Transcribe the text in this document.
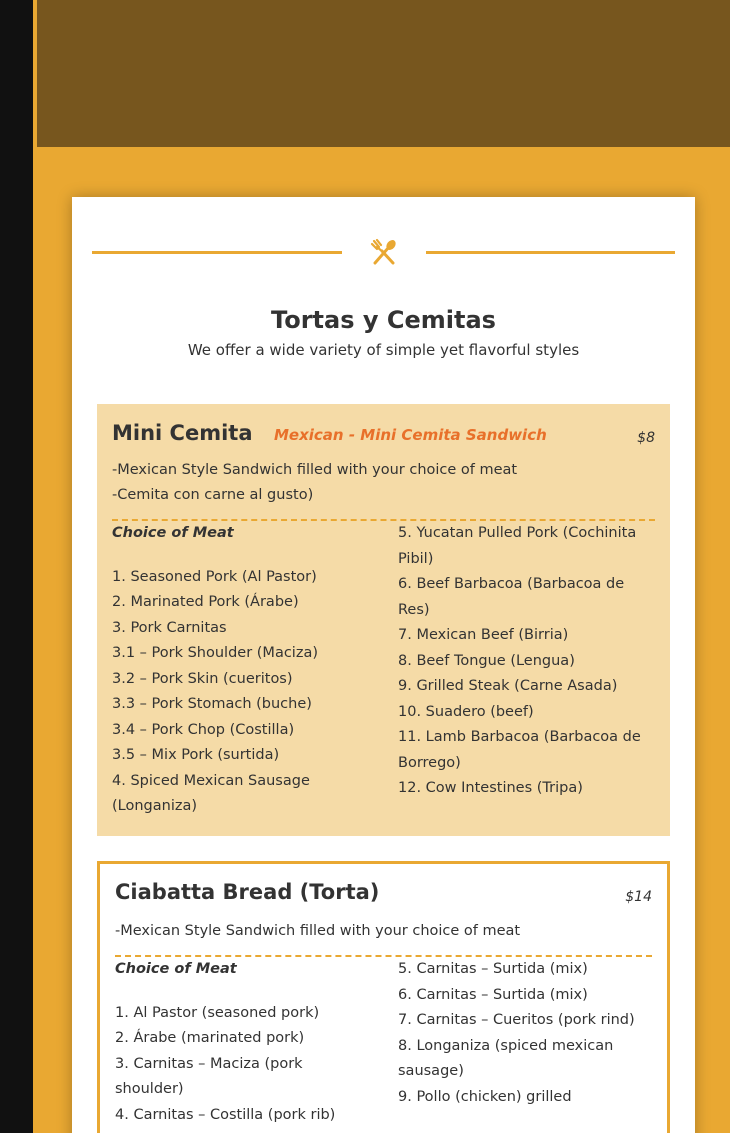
Tortas y Cemitas

We offer a wide variety of simple yet flavorful styles

Mini Cemita Mexican - Mini Cemita Sandwich	$8
-Mexican Style Sandwich filled with your choice of meat
-Cemita con carne al gusto)
Choice of Meat
1. Seasoned Pork (Al Pastor)
2. Marinated Pork (Árabe)
3. Pork Carnitas
3.1 – Pork Shoulder (Maciza)
3.2 – Pork Skin (cueritos)
3.3 – Pork Stomach (buche)
3.4 – Pork Chop (Costilla)
3.5 – Mix Pork (surtida)
4. Spiced Mexican Sausage (Longaniza)
5. Yucatan Pulled Pork (Cochinita Pibil)
6. Beef Barbacoa (Barbacoa de Res)
7. Mexican Beef (Birria)
8. Beef Tongue (Lengua)
9. Grilled Steak (Carne Asada)
10. Suadero (beef)
11. Lamb Barbacoa (Barbacoa de Borrego)
12. Cow Intestines (Tripa)
Ciabatta Bread (Torta)	$14
-Mexican Style Sandwich filled with your choice of meat
Choice of Meat
1. Al Pastor (seasoned pork)
2. Árabe (marinated pork)
3. Carnitas – Maciza (pork shoulder)
4. Carnitas – Costilla (pork rib)
5. Carnitas – Surtida (mix)
6. Carnitas – Surtida (mix)
7. Carnitas – Cueritos (pork rind)
8. Longaniza (spiced mexican sausage)
9. Pollo (chicken) grilled
